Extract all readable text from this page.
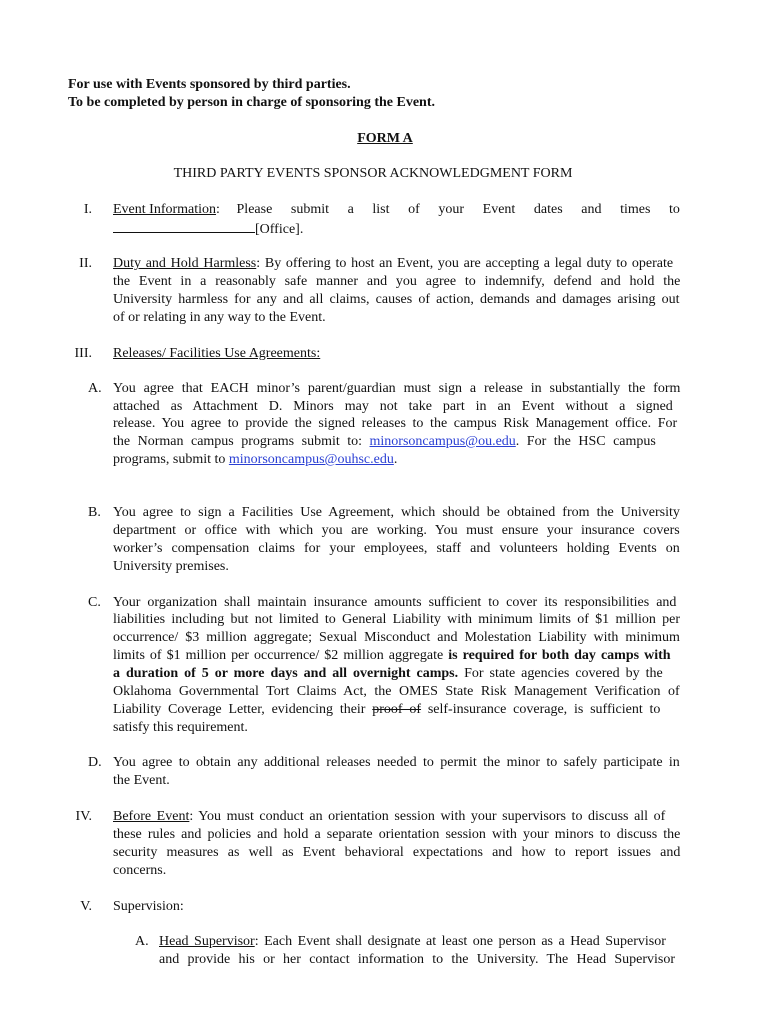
For use with Events sponsored by third parties.
To be completed by person in charge of sponsoring the Event.
FORM A
THIRD PARTY EVENTS SPONSOR ACKNOWLEDGMENT FORM
I. Event Information : Please submit a list of your Event dates and times to
[Office].
II. Duty and Hold Harmless: By offering to host an Event, you are accepting a legal duty to operate
the Event in a reasonably safe manner and you agree to indemnify, defend and hold the
University harmless for any and all claims, causes of action, demands and damages arising out
of or relating in any way to the Event.
III. Releases/ Facilities Use Agreements:
A. You agree that EACH minor’s parent/guardian must sign a release in substantially the form
attached as Attachment D. Minors may not take part in an Event without a signed
release. You agree to provide the signed releases to the campus Risk Management office. For
the Norman campus programs submit to: minorsoncampus@ou.edu. For the HSC campus
programs, submit to minorsoncampus@ouhsc.edu.
B. You agree to sign a Facilities Use Agreement, which should be obtained from the University
department or office with which you are working. You must ensure your insurance covers
worker’s compensation claims for your employees, staff and volunteers holding Events on
University premises.
C. Your organization shall maintain insurance amounts sufficient to cover its responsibilities and
liabilities including but not limited to General Liability with minimum limits of $1 million per
occurrence/ $3 million aggregate; Sexual Misconduct and Molestation Liability with minimum
limits of $1 million per occurrence/ $2 million aggregate is required for both day camps with
a duration of 5 or more days and all overnight camps. For state agencies covered by the
Oklahoma Governmental Tort Claims Act, the OMES State Risk Management Verification of
Liability Coverage Letter, evidencing their proof of self-insurance coverage, is sufficient to
satisfy this requirement.
D. You agree to obtain any additional releases needed to permit the minor to safely participate in
the Event.
IV. Before Event: You must conduct an orientation session with your supervisors to discuss all of
these rules and policies and hold a separate orientation session with your minors to discuss the
security measures as well as Event behavioral expectations and how to report issues and
concerns.
V. Supervision:
A. Head Supervisor: Each Event shall designate at least one person as a Head Supervisor
and provide his or her contact information to the University. The Head Supervisor
